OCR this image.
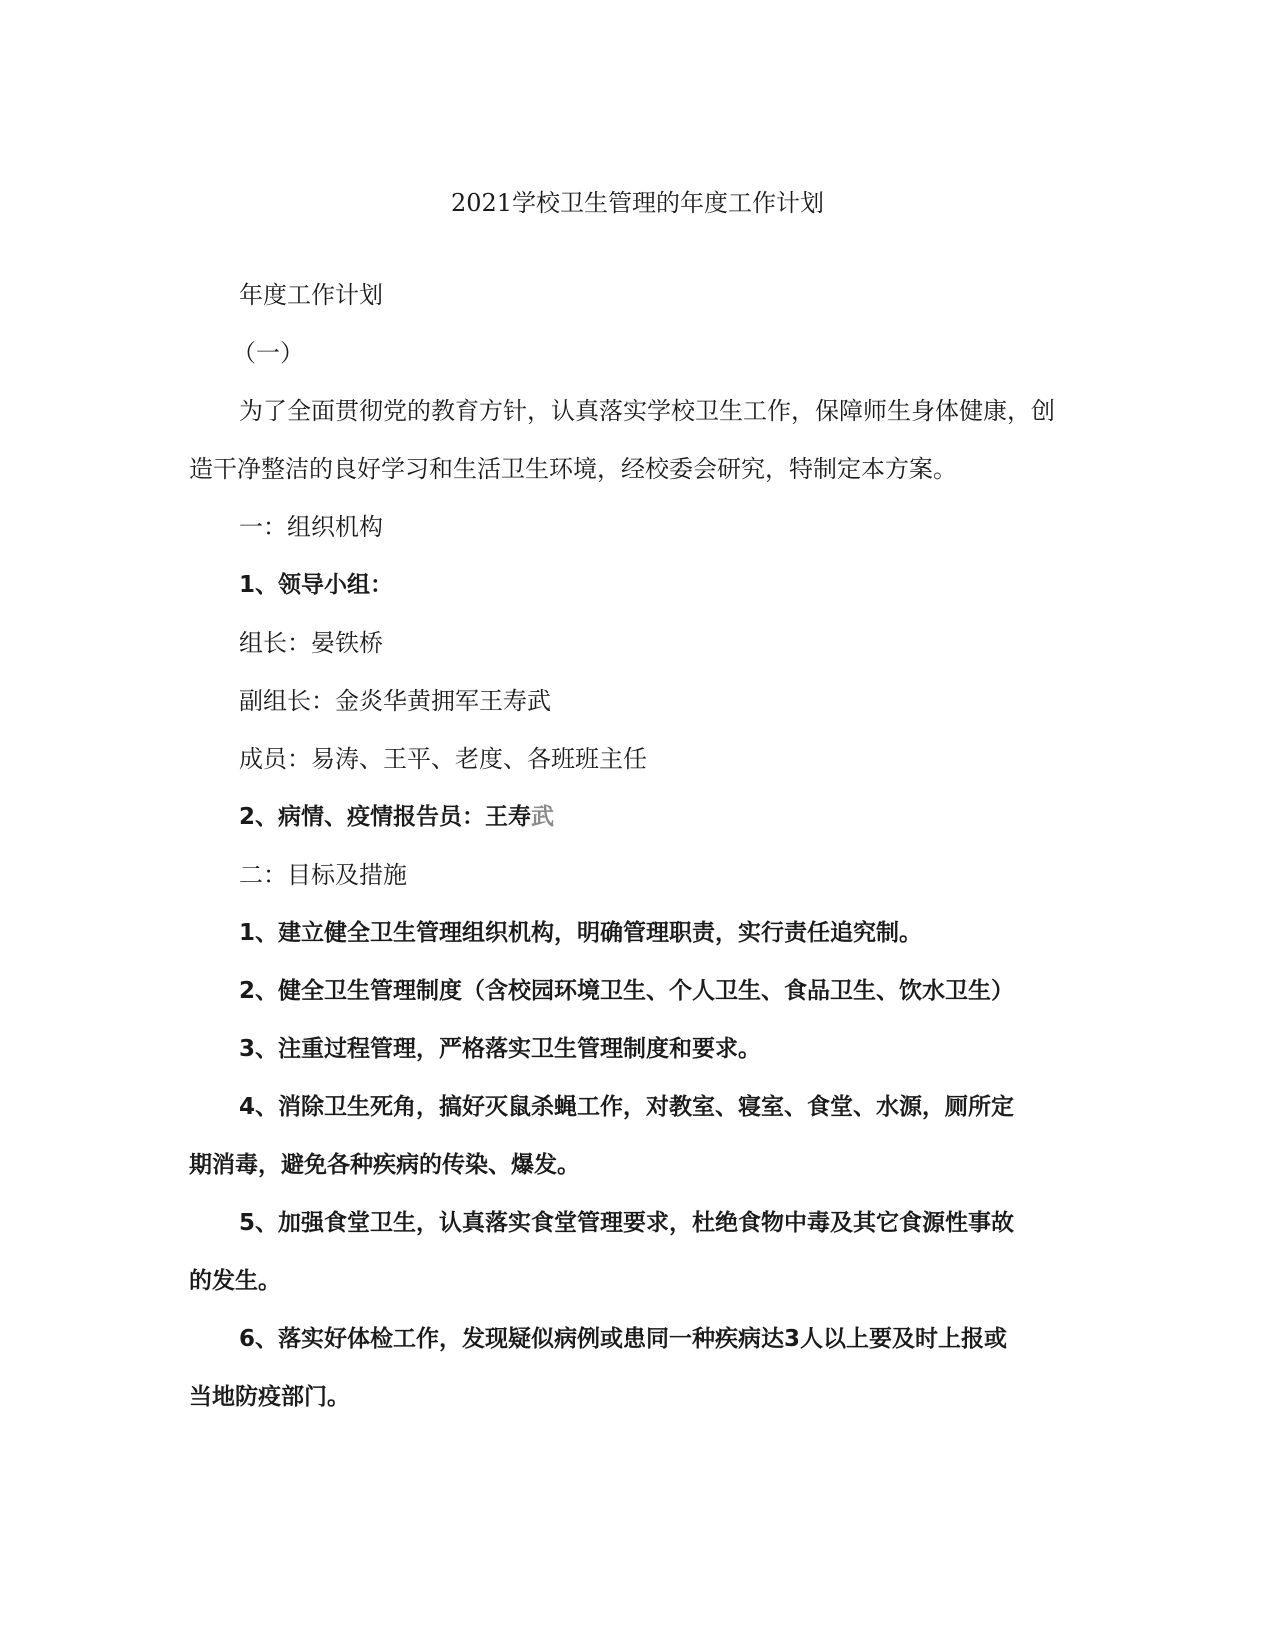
2021学校卫生管理的年度工作计划

年度工作计划

（一）

为了全面贯彻党的教育方针，认真落实学校卫生工作，保障师生身体健康，创

造干净整洁的良好学习和生活卫生环境，经校委会研究，特制定本方案。

一：组织机构

1、领导小组：

组长：晏铁桥

副组长：金炎华黄拥军王寿武

成员：易涛、王平、老度、各班班主任

2、病情、疫情报告员：王寿武

二：目标及措施

1、建立健全卫生管理组织机构，明确管理职责，实行责任追究制。

2、健全卫生管理制度（含校园环境卫生、个人卫生、食品卫生、饮水卫生）

3、注重过程管理，严格落实卫生管理制度和要求。

4、消除卫生死角，搞好灭鼠杀蝇工作，对教室、寝室、食堂、水源，厕所定

期消毒，避免各种疾病的传染、爆发。

5、加强食堂卫生，认真落实食堂管理要求，杜绝食物中毒及其它食源性事故

的发生。

6、落实好体检工作，发现疑似病例或患同一种疾病达3人以上要及时上报或

当地防疫部门。
